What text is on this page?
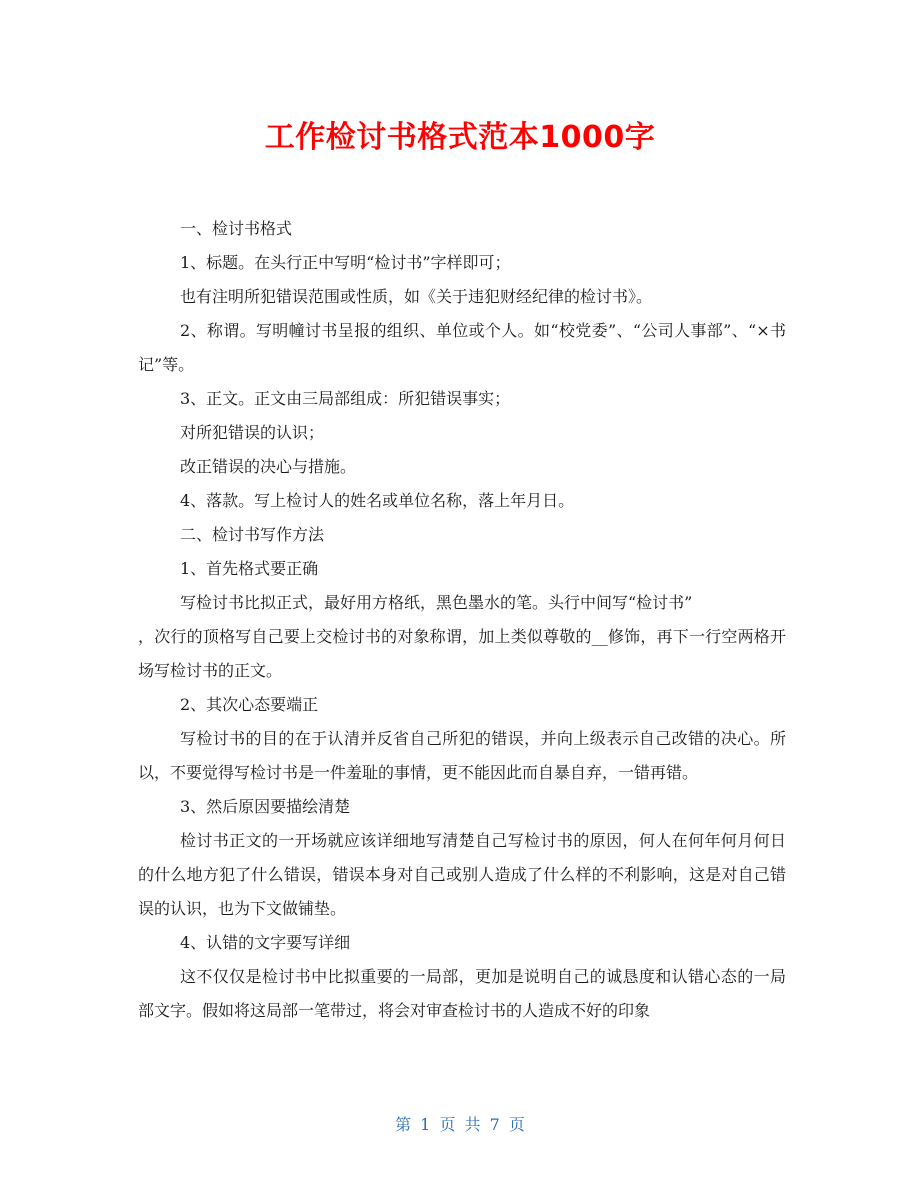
工作检讨书格式范本1000字

一、检讨书格式

1、标题。在头行正中写明“检讨书”字样即可；

也有注明所犯错误范围或性质，如《关于违犯财经纪律的检讨书》。

2、称谓。写明幢讨书呈报的组织、单位或个人。如“校党委”、“公司人事部”、“×书记”等。

3、正文。正文由三局部组成：所犯错误事实；

对所犯错误的认识；

改正错误的决心与措施。

4、落款。写上检讨人的姓名或单位名称，落上年月日。

二、检讨书写作方法

1、首先格式要正确

写检讨书比拟正式，最好用方格纸，黑色墨水的笔。头行中间写“检讨书”

，次行的顶格写自己要上交检讨书的对象称谓，加上类似尊敬的__修饰，再下一行空两格开场写检讨书的正文。

2、其次心态要端正

写检讨书的目的在于认清并反省自己所犯的错误，并向上级表示自己改错的决心。所以，不要觉得写检讨书是一件羞耻的事情，更不能因此而自暴自弃，一错再错。

3、然后原因要描绘清楚

检讨书正文的一开场就应该详细地写清楚自己写检讨书的原因，何人在何年何月何日的什么地方犯了什么错误，错误本身对自己或别人造成了什么样的不利影响，这是对自己错误的认识，也为下文做铺垫。

4、认错的文字要写详细

这不仅仅是检讨书中比拟重要的一局部，更加是说明自己的诚恳度和认错心态的一局部文字。假如将这局部一笔带过，将会对审查检讨书的人造成不好的印象

第 1 页 共 7 页
